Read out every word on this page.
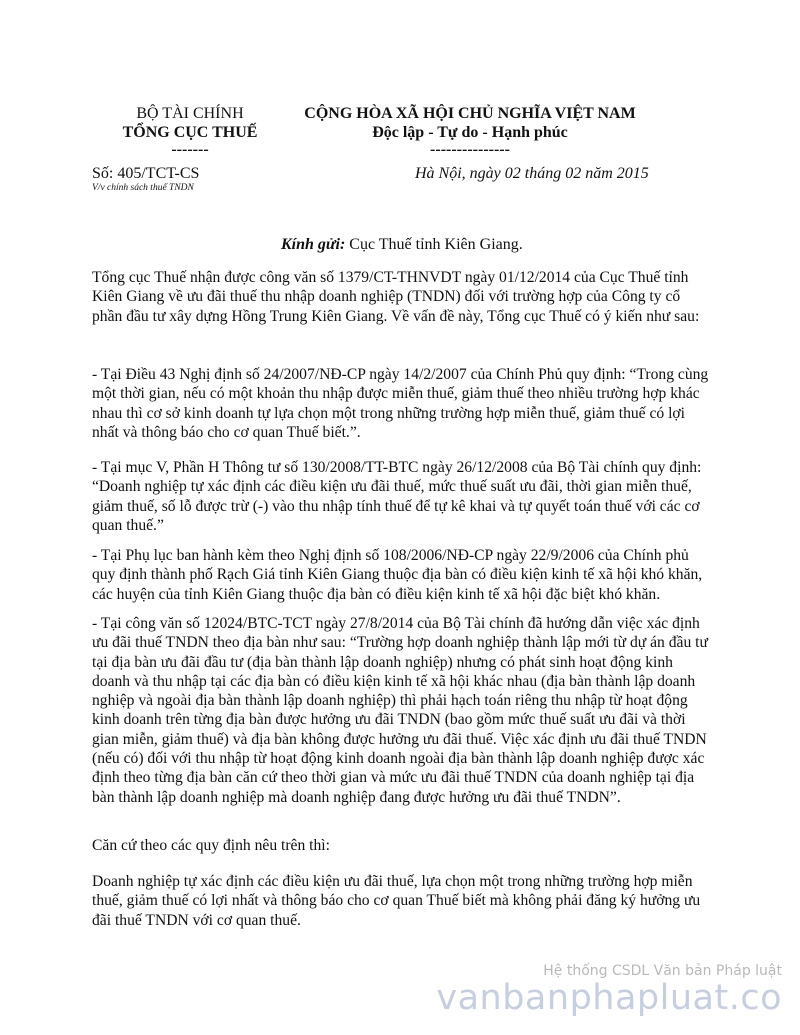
BỘ TÀI CHÍNH
TỔNG CỤC THUẾ
-------
CỘNG HÒA XÃ HỘI CHỦ NGHĨA VIỆT NAM
Độc lập - Tự do - Hạnh phúc
---------------
Số: 405/TCT-CS
V/v chính sách thuế TNDN
Hà Nội, ngày 02 tháng 02 năm 2015
Kính gửi: Cục Thuế tỉnh Kiên Giang.

Tổng cục Thuế nhận được công văn số 1379/CT-THNVDT ngày 01/12/2014 của Cục Thuế tỉnh Kiên Giang về ưu đãi thuế thu nhập doanh nghiệp (TNDN) đối với trường hợp của Công ty cổ phần đầu tư xây dựng Hồng Trung Kiên Giang. Về vấn đề này, Tổng cục Thuế có ý kiến như sau:

- Tại Điều 43 Nghị định số 24/2007/NĐ-CP ngày 14/2/2007 của Chính Phủ quy định: “Trong cùng một thời gian, nếu có một khoản thu nhập được miễn thuế, giảm thuế theo nhiều trường hợp khác nhau thì cơ sở kinh doanh tự lựa chọn một trong những trường hợp miễn thuế, giảm thuế có lợi nhất và thông báo cho cơ quan Thuế biết.”.

- Tại mục V, Phần H Thông tư số 130/2008/TT-BTC ngày 26/12/2008 của Bộ Tài chính quy định: “Doanh nghiệp tự xác định các điều kiện ưu đãi thuế, mức thuế suất ưu đãi, thời gian miễn thuế, giảm thuế, số lỗ được trừ (-) vào thu nhập tính thuế để tự kê khai và tự quyết toán thuế với các cơ quan thuế.”

- Tại Phụ lục ban hành kèm theo Nghị định số 108/2006/NĐ-CP ngày 22/9/2006 của Chính phủ quy định thành phố Rạch Giá tỉnh Kiên Giang thuộc địa bàn có điều kiện kinh tế xã hội khó khăn, các huyện của tỉnh Kiên Giang thuộc địa bàn có điều kiện kinh tế xã hội đặc biệt khó khăn.

- Tại công văn số 12024/BTC-TCT ngày 27/8/2014 của Bộ Tài chính đã hướng dẫn việc xác định ưu đãi thuế TNDN theo địa bàn như sau: “Trường hợp doanh nghiệp thành lập mới từ dự án đầu tư tại địa bàn ưu đãi đầu tư (địa bàn thành lập doanh nghiệp) nhưng có phát sinh hoạt động kinh doanh và thu nhập tại các địa bàn có điều kiện kinh tế xã hội khác nhau (địa bàn thành lập doanh nghiệp và ngoài địa bàn thành lập doanh nghiệp) thì phải hạch toán riêng thu nhập từ hoạt động kinh doanh trên từng địa bàn được hưởng ưu đãi TNDN (bao gồm mức thuế suất ưu đãi và thời gian miễn, giảm thuế) và địa bàn không được hưởng ưu đãi thuế. Việc xác định ưu đãi thuế TNDN (nếu có) đối với thu nhập từ hoạt động kinh doanh ngoài địa bàn thành lập doanh nghiệp được xác định theo từng địa bàn căn cứ theo thời gian và mức ưu đãi thuế TNDN của doanh nghiệp tại địa bàn thành lập doanh nghiệp mà doanh nghiệp đang được hưởng ưu đãi thuế TNDN”.

Căn cứ theo các quy định nêu trên thì:

Doanh nghiệp tự xác định các điều kiện ưu đãi thuế, lựa chọn một trong những trường hợp miễn thuế, giảm thuế có lợi nhất và thông báo cho cơ quan Thuế biết mà không phải đăng ký hưởng ưu đãi thuế TNDN với cơ quan thuế.

Hệ thống CSDL Văn bản Pháp luật
vanbanphapluat.co
